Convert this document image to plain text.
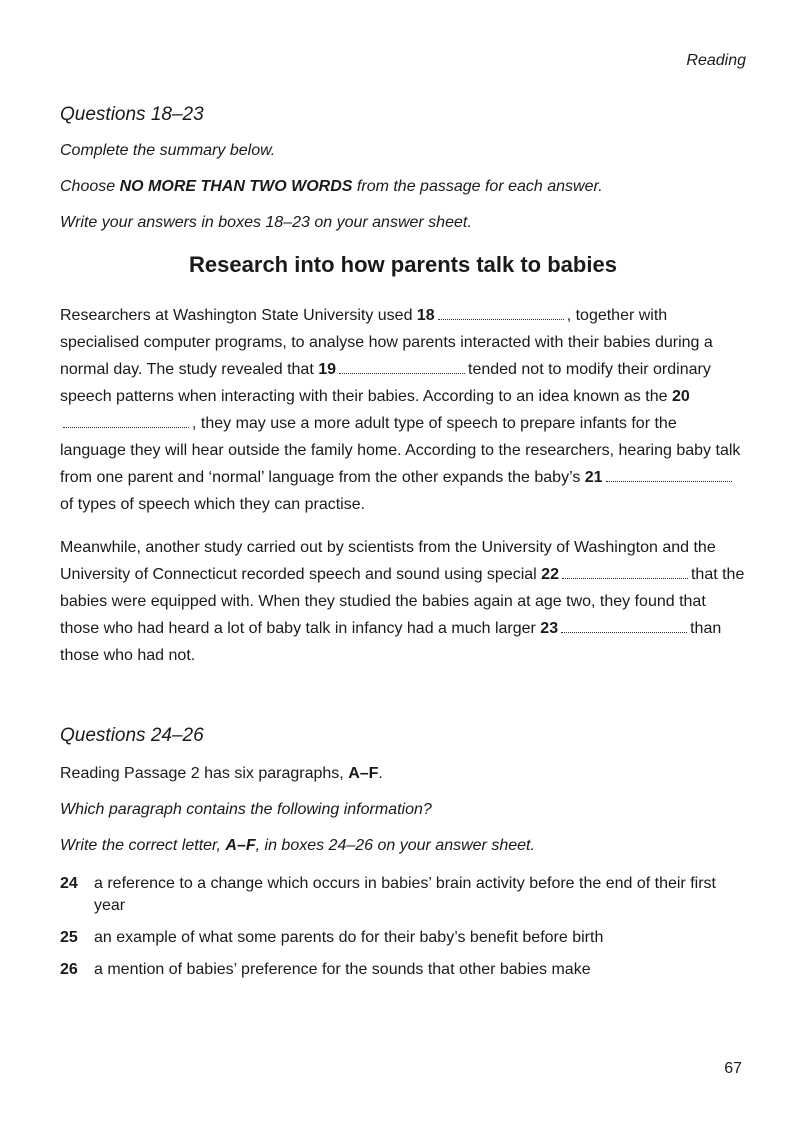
Reading

Questions 18–23

Complete the summary below.

Choose NO MORE THAN TWO WORDS from the passage for each answer.

Write your answers in boxes 18–23 on your answer sheet.

Research into how parents talk to babies

Researchers at Washington State University used 18	, together with specialised computer programs, to analyse how parents interacted with their babies during a normal day. The study revealed that 19	tended not to modify their ordinary speech patterns when interacting with their babies. According to an idea known as the 20, they may use a more adult type of speech to prepare infants for the language they will hear outside the family home. According to the researchers, hearing baby talk from one parent and ‘normal’ language from the other expands the baby’s 21of types of speech which they can practise.

Meanwhile, another study carried out by scientists from the University of Washington and the University of Connecticut recorded speech and sound using special 22	that the babies were equipped with. When they studied the babies again at age two, they found that those who had heard a lot of baby talk in infancy had a much larger 23	than those who had not.

Questions 24–26

Reading Passage 2 has six paragraphs, A–F.

Which paragraph contains the following information?

Write the correct letter, A–F, in boxes 24–26 on your answer sheet.

24	a reference to a change which occurs in babies’ brain activity before the end of their first year
25	an example of what some parents do for their baby’s benefit before birth
26	a mention of babies’ preference for the sounds that other babies make
67
